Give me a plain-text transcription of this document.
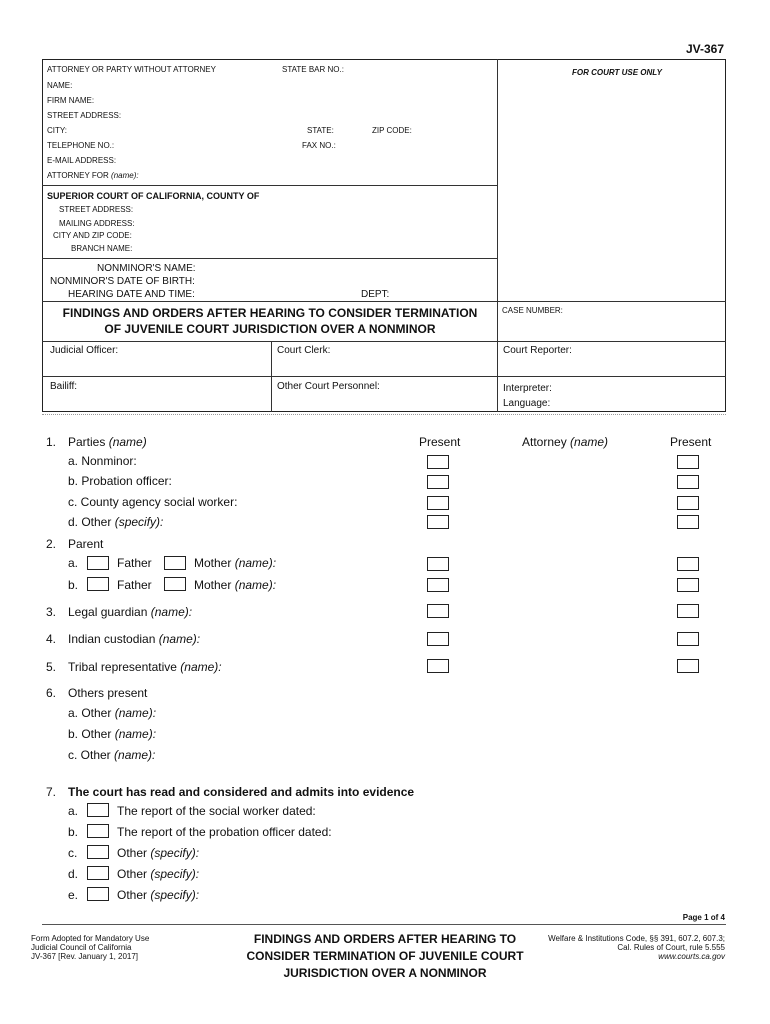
JV-367
ATTORNEY OR PARTY WITHOUT ATTORNEY	STATE BAR NO.:	FOR COURT USE ONLY
NAME:
FIRM NAME:
STREET ADDRESS:
CITY:	STATE:	ZIP CODE:
TELEPHONE NO.:	FAX NO.:
E-MAIL ADDRESS:
ATTORNEY FOR (name):
SUPERIOR COURT OF CALIFORNIA, COUNTY OF
STREET ADDRESS:
MAILING ADDRESS:
CITY AND ZIP CODE:
BRANCH NAME:
NONMINOR'S NAME:
NONMINOR'S DATE OF BIRTH:
HEARING DATE AND TIME:	DEPT:
FINDINGS AND ORDERS AFTER HEARING TO CONSIDER TERMINATION
OF JUVENILE COURT JURISDICTION OVER A NONMINOR
CASE NUMBER:
Judicial Officer:	Court Clerk:	Court Reporter:
Bailiff:	Other Court Personnel:	Interpreter:
Language:
1. Parties (name)	Present	Attorney (name)	Present
a. Nonminor:
b. Probation officer:
c. County agency social worker:
d. Other (specify):
2. Parent
a.	Father	Mother (name):
b.	Father	Mother (name):
3. Legal guardian (name):
4. Indian custodian (name):
5. Tribal representative (name):
6. Others present
a. Other (name):
b. Other (name):
c. Other (name):
7. The court has read and considered and admits into evidence
a.	The report of the social worker dated:
b.	The report of the probation officer dated:
c.	Other (specify):
d.	Other (specify):
e.	Other (specify):
Page 1 of 4
Form Adopted for Mandatory Use
Judicial Council of California
JV-367 [Rev. January 1, 2017]
FINDINGS AND ORDERS AFTER HEARING TO
CONSIDER TERMINATION OF JUVENILE COURT
JURISDICTION OVER A NONMINOR
Welfare & Institutions Code, §§ 391, 607.2, 607.3;
Cal. Rules of Court, rule 5.555
www.courts.ca.gov
